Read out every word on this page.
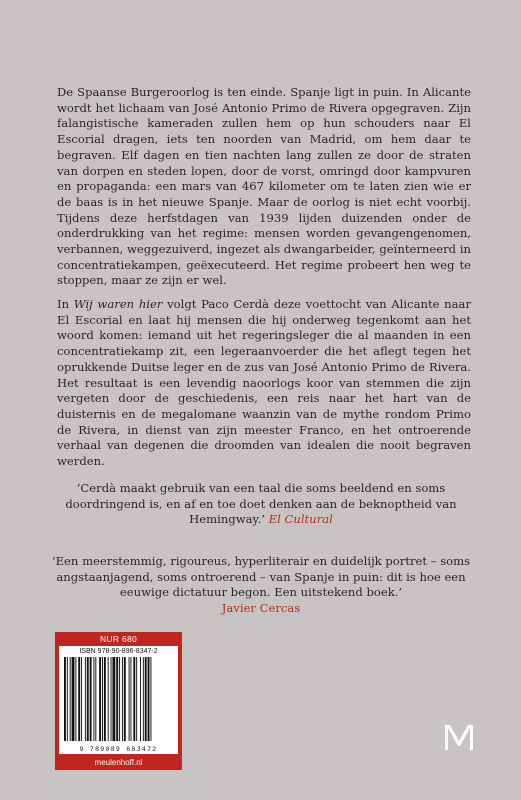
De Spaanse Burgeroorlog is ten einde. Spanje ligt in puin. In Alicante wordt het lichaam van José Antonio Primo de Rivera opgegraven. Zijn falangistische kameraden zullen hem op hun schouders naar El Escorial dragen, iets ten noorden van Madrid, om hem daar te begraven. Elf dagen en tien nachten lang zullen ze door de straten van dorpen en steden lopen, door de vorst, omringd door kampvuren en propaganda: een mars van 467 kilometer om te laten zien wie er de baas is in het nieuwe Spanje. Maar de oorlog is niet echt voorbij. Tijdens deze herfstdagen van 1939 lijden duizenden onder de onderdrukking van het regime: mensen worden gevangengenomen, verbannen, weggezuiverd, ingezet als dwangarbeider, geïnterneerd in concentratiekampen, geëxecuteerd. Het regime probeert hen weg te stoppen, maar ze zijn er wel.

In Wij waren hier volgt Paco Cerdà deze voettocht van Alicante naar El Escorial en laat hij mensen die hij onderweg tegenkomt aan het woord komen: iemand uit het regeringsleger die al maanden in een concentratiekamp zit, een legeraanvoerder die het aflegt tegen het oprukkende Duitse leger en de zus van José Antonio Primo de Rivera. Het resultaat is een levendig naoorlogs koor van stemmen die zijn vergeten door de geschiedenis, een reis naar het hart van de duisternis en de megalomane waanzin van de mythe rondom Primo de Rivera, in dienst van zijn meester Franco, en het ontroerende verhaal van degenen die droomden van idealen die nooit begraven werden.

‘Cerdà maakt gebruik van een taal die soms beeldend en soms doordringend is, en af en toe doet denken aan de beknoptheid van Hemingway.’ El Cultural

‘Een meerstemmig, rigoureus, hyperliterair en duidelijk portret – soms angstaanjagend, soms ontroerend – van Spanje in puin: dit is hoe een eeuwige dictatuur begon. Een uitstekend boek.’
Javier Cercas

NUR 680
ISBN 978-90-896-8347-2
9 789089 683472
meulenhoff.nl
